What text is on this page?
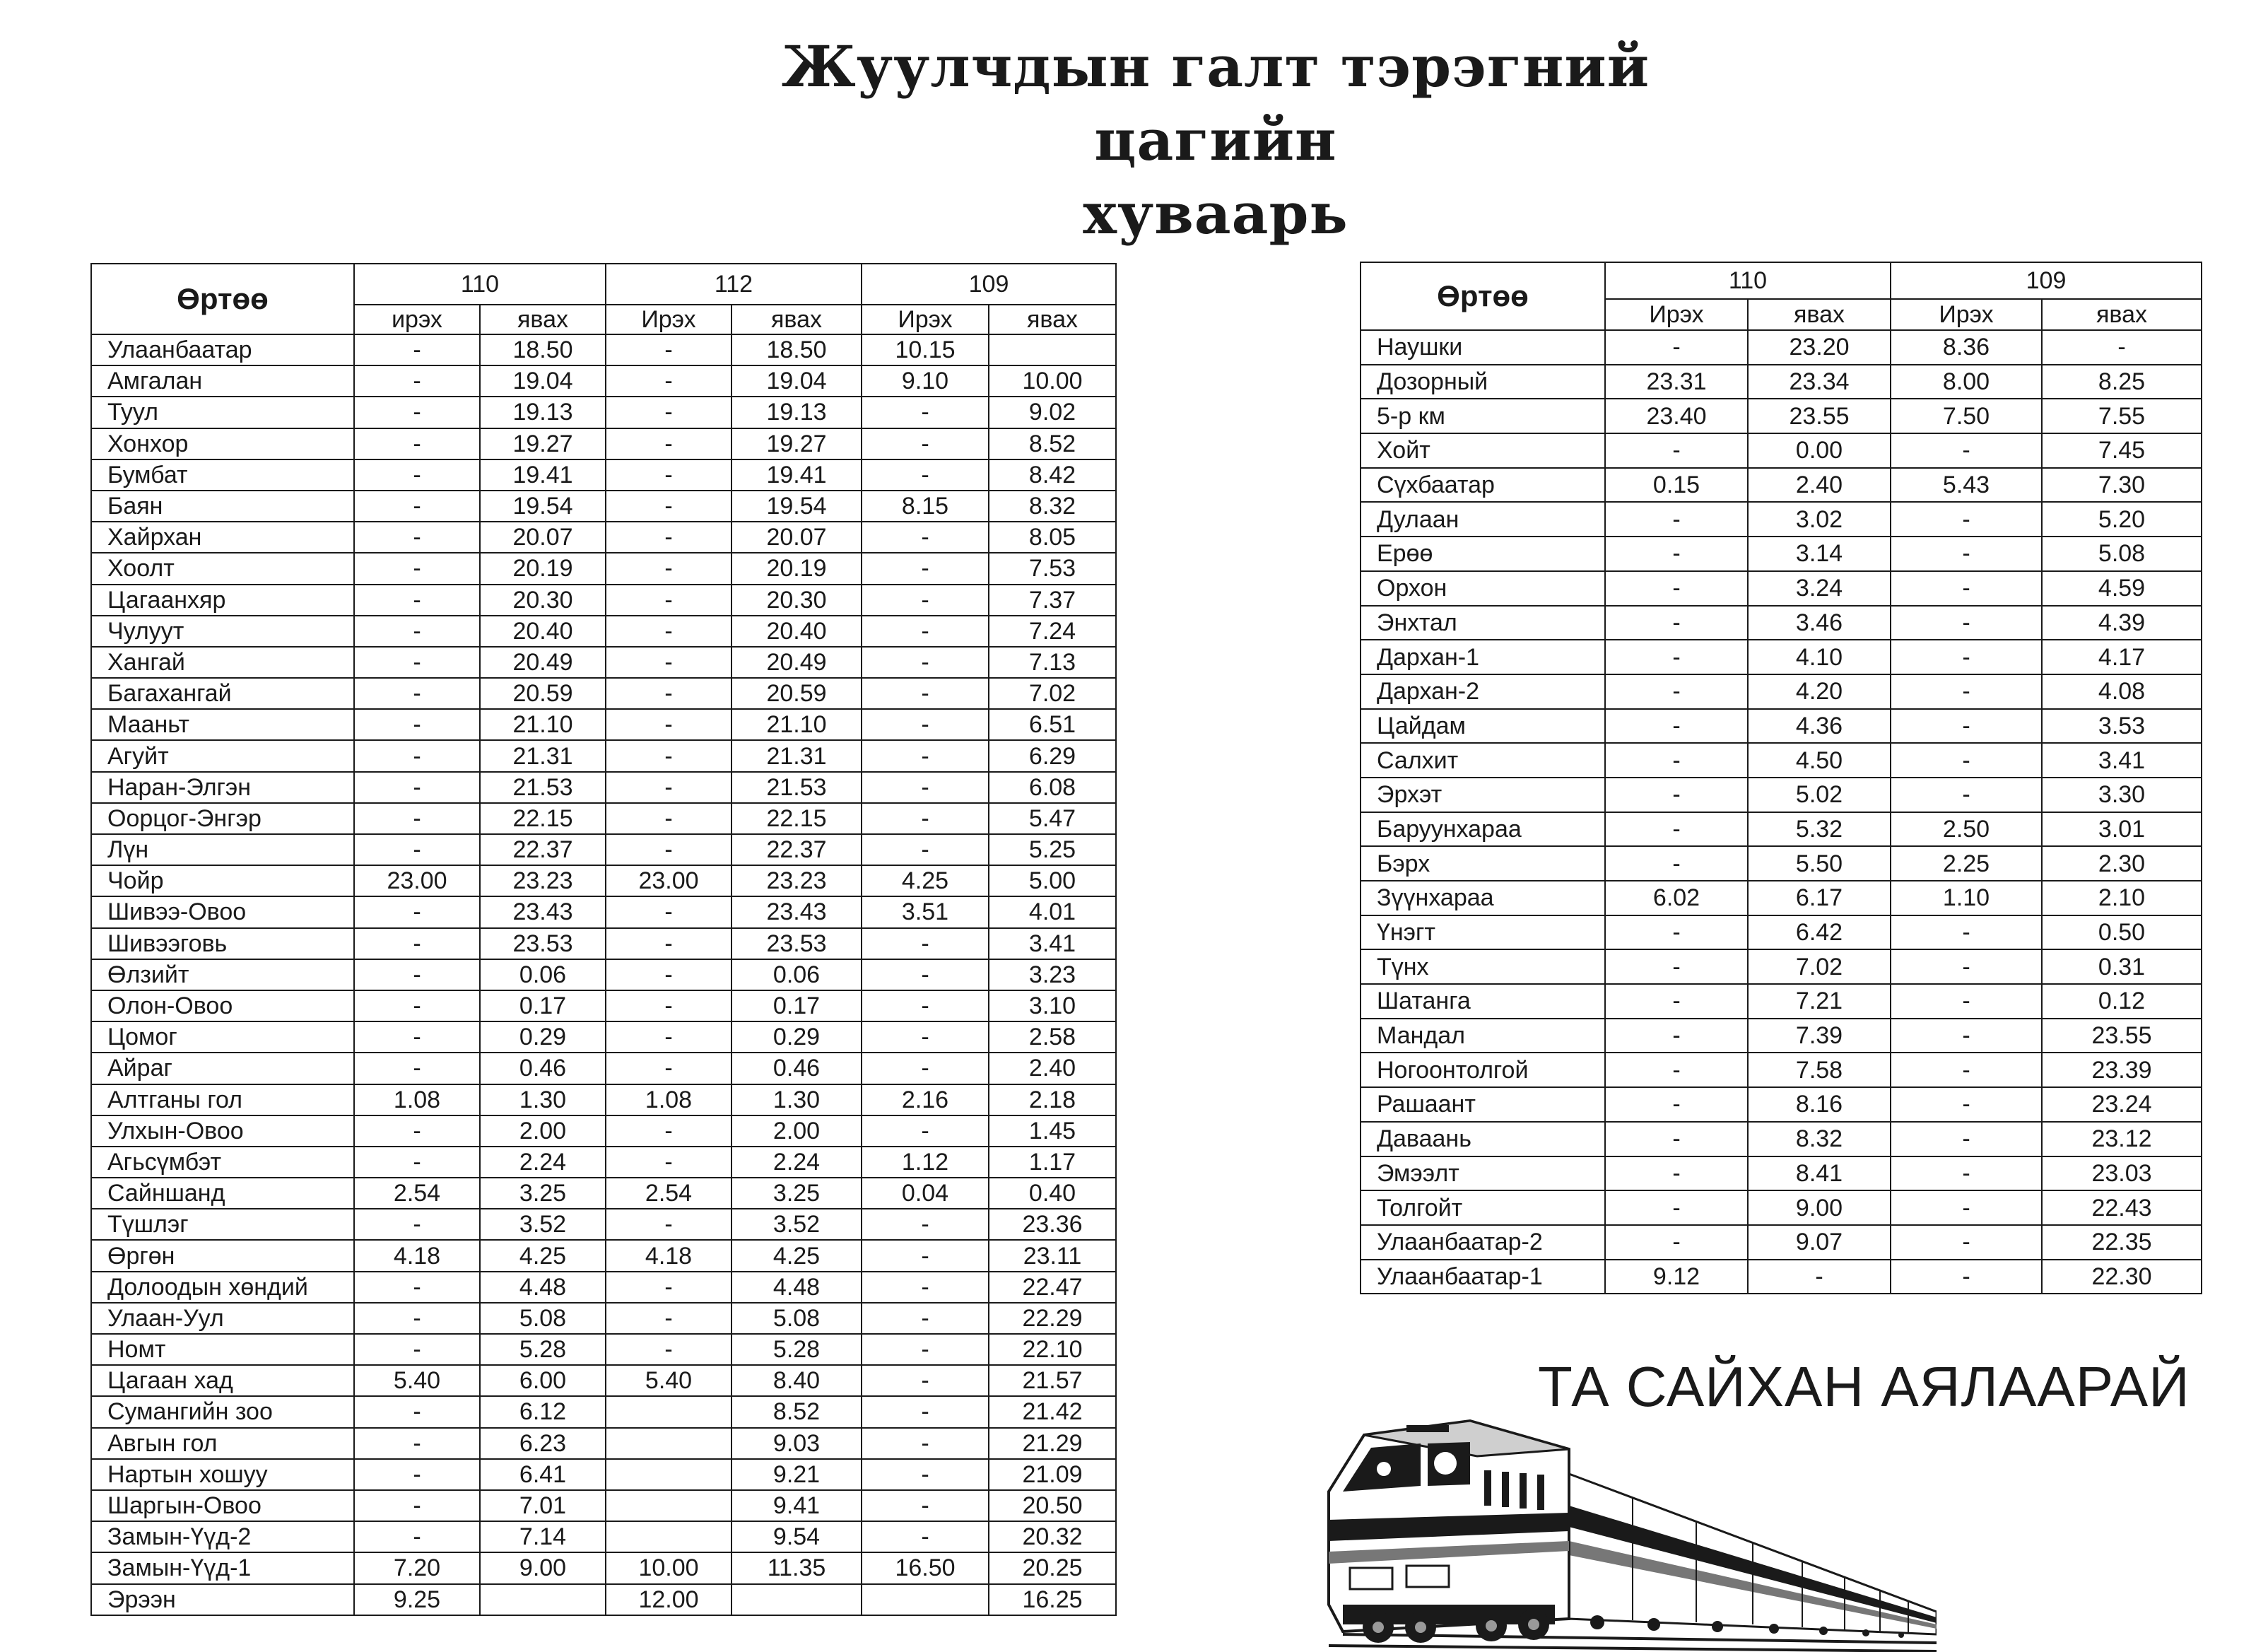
Жуулчдын галт тэрэгний цагийн
хуваарь
Өртөө	110		112		109	
	ирэх	явах	Ирэх	явах	Ирэх	явах
Улаанбаатар	-	18.50	-	18.50	10.15	
Амгалан	-	19.04	-	19.04	9.10	10.00
Туул	-	19.13	-	19.13	-	9.02
Хонхор	-	19.27	-	19.27	-	8.52
Бумбат	-	19.41	-	19.41	-	8.42
Баян	-	19.54	-	19.54	8.15	8.32
Хайрхан	-	20.07	-	20.07	-	8.05
Хоолт	-	20.19	-	20.19	-	7.53
Цагаанхяр	-	20.30	-	20.30	-	7.37
Чулуут	-	20.40	-	20.40	-	7.24
Хангай	-	20.49	-	20.49	-	7.13
Багахангай	-	20.59	-	20.59	-	7.02
Мааньт	-	21.10	-	21.10	-	6.51
Агуйт	-	21.31	-	21.31	-	6.29
Наран-Элгэн	-	21.53	-	21.53	-	6.08
Оорцог-Энгэр	-	22.15	-	22.15	-	5.47
Лүн	-	22.37	-	22.37	-	5.25
Чойр	23.00	23.23	23.00	23.23	4.25	5.00
Шивээ-Овоо	-	23.43	-	23.43	3.51	4.01
Шивээговь	-	23.53	-	23.53	-	3.41
Өлзийт	-	0.06	-	0.06	-	3.23
Олон-Овоо	-	0.17	-	0.17	-	3.10
Цомог	-	0.29	-	0.29	-	2.58
Айраг	-	0.46	-	0.46	-	2.40
Алтганы гол	1.08	1.30	1.08	1.30	2.16	2.18
Улхын-Овоо	-	2.00	-	2.00	-	1.45
Агьсүмбэт	-	2.24	-	2.24	1.12	1.17
Сайншанд	2.54	3.25	2.54	3.25	0.04	0.40
Түшлэг	-	3.52	-	3.52	-	23.36
Өргөн	4.18	4.25	4.18	4.25	-	23.11
Долоодын хөндий	-	4.48	-	4.48	-	22.47
Улаан-Уул	-	5.08	-	5.08	-	22.29
Номт	-	5.28	-	5.28	-	22.10
Цагаан хад	5.40	6.00	5.40	8.40	-	21.57
Сумангийн зоо	-	6.12		8.52	-	21.42
Авгын гол	-	6.23		9.03	-	21.29
Нартын хошуу	-	6.41		9.21	-	21.09
Шаргын-Овоо	-	7.01		9.41	-	20.50
Замын-Үүд-2	-	7.14		9.54	-	20.32
Замын-Үүд-1	7.20	9.00	10.00	11.35	16.50	20.25
Эрээн	9.25		12.00			16.25
Өртөө	110		109	
	Ирэх	явах	Ирэх	явах
Наушки	-	23.20	8.36	-
Дозорный	23.31	23.34	8.00	8.25
5-р км	23.40	23.55	7.50	7.55
Хойт	-	0.00	-	7.45
Сүхбаатар	0.15	2.40	5.43	7.30
Дулаан	-	3.02	-	5.20
Ерөө	-	3.14	-	5.08
Орхон	-	3.24	-	4.59
Энхтал	-	3.46	-	4.39
Дархан-1	-	4.10	-	4.17
Дархан-2	-	4.20	-	4.08
Цайдам	-	4.36	-	3.53
Салхит	-	4.50	-	3.41
Эрхэт	-	5.02	-	3.30
Баруунхараа	-	5.32	2.50	3.01
Бэрх	-	5.50	2.25	2.30
Зүүнхараа	6.02	6.17	1.10	2.10
Үнэгт	-	6.42	-	0.50
Түнх	-	7.02	-	0.31
Шатанга	-	7.21	-	0.12
Мандал	-	7.39	-	23.55
Ногоонтолгой	-	7.58	-	23.39
Рашаант	-	8.16	-	23.24
Даваань	-	8.32	-	23.12
Эмээлт	-	8.41	-	23.03
Толгойт	-	9.00	-	22.43
Улаанбаатар-2	-	9.07	-	22.35
Улаанбаатар-1	9.12	-	-	22.30
ТА САЙХАН АЯЛААРАЙ
